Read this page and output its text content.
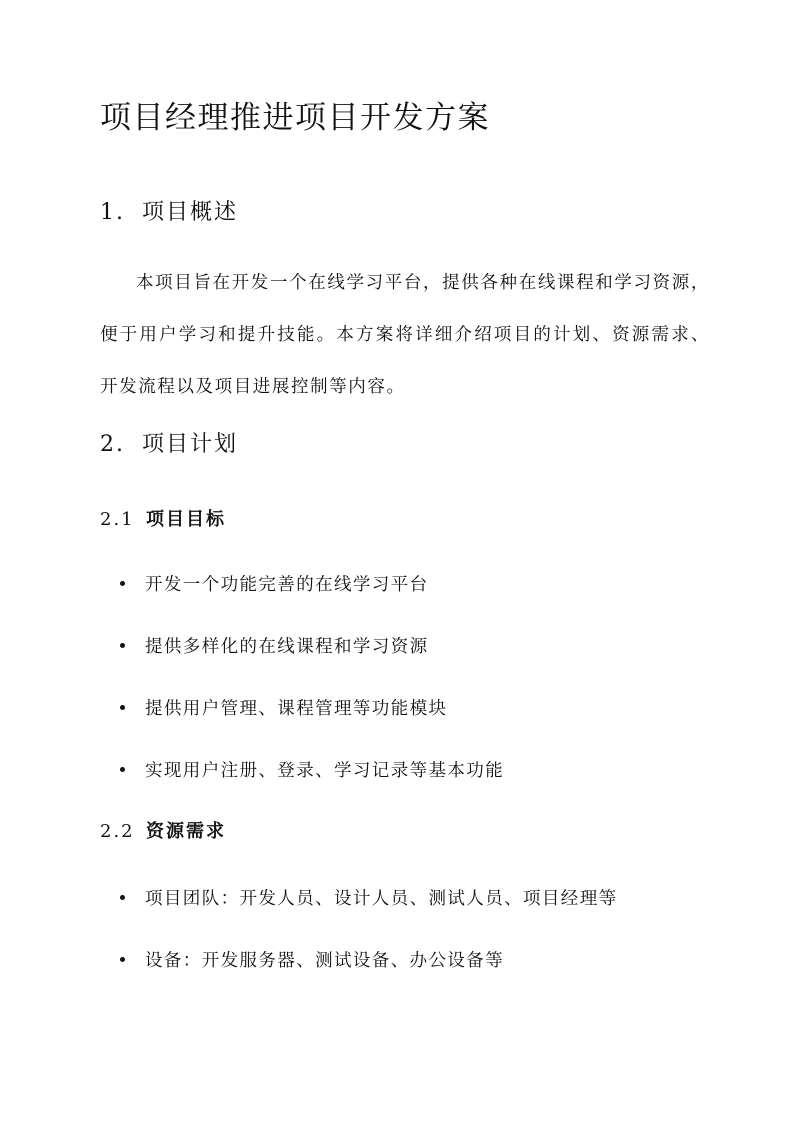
项目经理推进项目开发方案
1. 项目概述

本项目旨在开发一个在线学习平台，提供各种在线课程和学习资源，便于用户学习和提升技能。本方案将详细介绍项目的计划、资源需求、开发流程以及项目进展控制等内容。

2. 项目计划
2.1 项目目标
开发一个功能完善的在线学习平台
提供多样化的在线课程和学习资源
提供用户管理、课程管理等功能模块
实现用户注册、登录、学习记录等基本功能
2.2 资源需求
项目团队：开发人员、设计人员、测试人员、项目经理等
设备：开发服务器、测试设备、办公设备等
